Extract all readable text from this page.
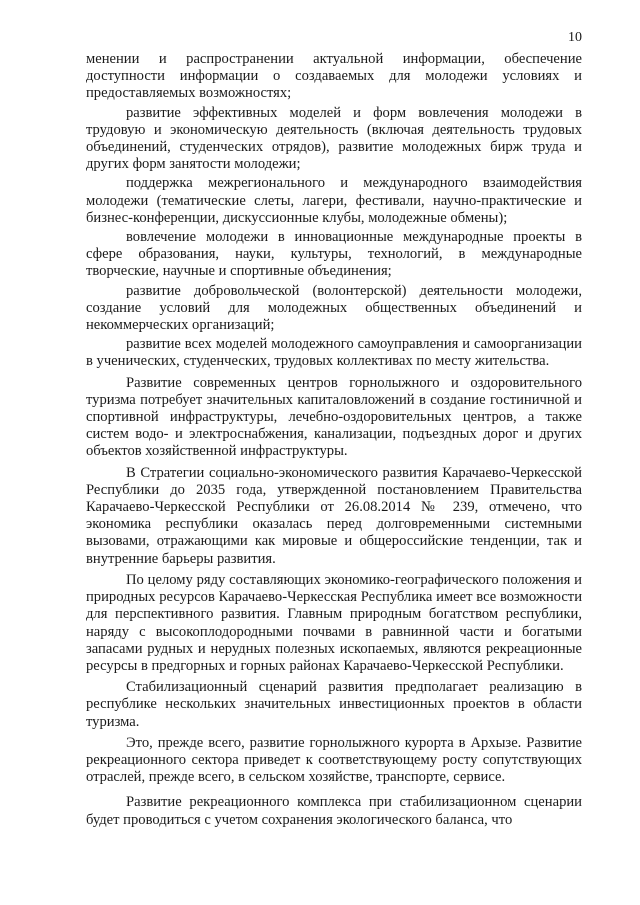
10

менении и распространении актуальной информации, обеспечение доступности информации о создаваемых для молодежи условиях и предоставляемых возможностях;

развитие эффективных моделей и форм вовлечения молодежи в трудовую и экономическую деятельность (включая деятельность трудовых объединений, студенческих отрядов), развитие молодежных бирж труда и других форм занятости молодежи;

поддержка межрегионального и международного взаимодействия молодежи (тематические слеты, лагери, фестивали, научно-практические и бизнес-конференции, дискуссионные клубы, молодежные обмены);

вовлечение молодежи в инновационные международные проекты в сфере образования, науки, культуры, технологий, в международные творческие, научные и спортивные объединения;

развитие добровольческой (волонтерской) деятельности молодежи, создание условий для молодежных общественных объединений и некоммерческих организаций;

развитие всех моделей молодежного самоуправления и самоорганизации в ученических, студенческих, трудовых коллективах по месту жительства.

Развитие современных центров горнолыжного и оздоровительного туризма потребует значительных капиталовложений в создание гостиничной и спортивной инфраструктуры, лечебно-оздоровительных центров, а также систем водо- и электроснабжения, канализации, подъездных дорог и других объектов хозяйственной инфраструктуры.

В Стратегии социально-экономического развития Карачаево-Черкесской Республики до 2035 года, утвержденной постановлением Правительства Карачаево-Черкесской Республики от 26.08.2014 № 239, отмечено, что экономика республики оказалась перед долговременными системными вызовами, отражающими как мировые и общероссийские тенденции, так и внутренние барьеры развития.

По целому ряду составляющих экономико-географического положения и природных ресурсов Карачаево-Черкесская Республика имеет все возможности для перспективного развития. Главным природным богатством республики, наряду с высокоплодородными почвами в равнинной части и богатыми запасами рудных и нерудных полезных ископаемых, являются рекреационные ресурсы в предгорных и горных районах Карачаево-Черкесской Республики.

Стабилизационный сценарий развития предполагает реализацию в республике нескольких значительных инвестиционных проектов в области туризма.

Это, прежде всего, развитие горнолыжного курорта в Архызе. Развитие рекреационного сектора приведет к соответствующему росту сопутствующих отраслей, прежде всего, в сельском хозяйстве, транспорте, сервисе.

Развитие рекреационного комплекса при стабилизационном сценарии будет проводиться с учетом сохранения экологического баланса, что
